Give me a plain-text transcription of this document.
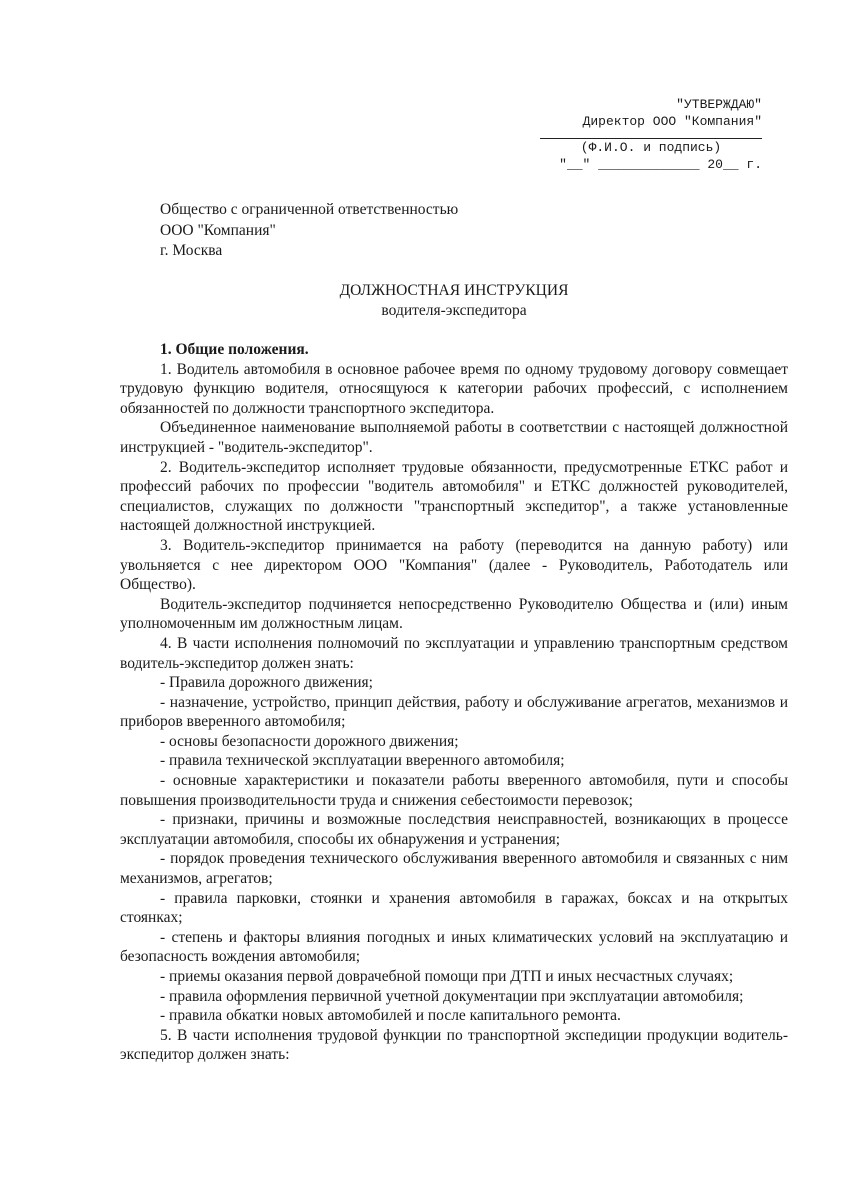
"УТВЕРЖДАЮ"
Директор ООО "Компания"
(Ф.И.О. и подпись)
"__" _____________ 20__ г.
Общество с ограниченной ответственностью
ООО "Компания"
г. Москва
ДОЛЖНОСТНАЯ ИНСТРУКЦИЯ
водителя-экспедитора

1. Общие положения.

1. Водитель автомобиля в основное рабочее время по одному трудовому договору совмещает трудовую функцию водителя, относящуюся к категории рабочих профессий, с исполнением обязанностей по должности транспортного экспедитора.

Объединенное наименование выполняемой работы в соответствии с настоящей должностной инструкцией - "водитель-экспедитор".

2. Водитель-экспедитор исполняет трудовые обязанности, предусмотренные ЕТКС работ и профессий рабочих по профессии "водитель автомобиля" и ЕТКС должностей руководителей, специалистов, служащих по должности "транспортный экспедитор", а также установленные настоящей должностной инструкцией.

3. Водитель-экспедитор принимается на работу (переводится на данную работу) или увольняется с нее директором ООО "Компания" (далее - Руководитель, Работодатель или Общество).

Водитель-экспедитор подчиняется непосредственно Руководителю Общества и (или) иным уполномоченным им должностным лицам.

4. В части исполнения полномочий по эксплуатации и управлению транспортным средством водитель-экспедитор должен знать:

- Правила дорожного движения;

- назначение, устройство, принцип действия, работу и обслуживание агрегатов, механизмов и приборов вверенного автомобиля;

- основы безопасности дорожного движения;

- правила технической эксплуатации вверенного автомобиля;

- основные характеристики и показатели работы вверенного автомобиля, пути и способы повышения производительности труда и снижения себестоимости перевозок;

- признаки, причины и возможные последствия неисправностей, возникающих в процессе эксплуатации автомобиля, способы их обнаружения и устранения;

- порядок проведения технического обслуживания вверенного автомобиля и связанных с ним механизмов, агрегатов;

- правила парковки, стоянки и хранения автомобиля в гаражах, боксах и на открытых стоянках;

- степень и факторы влияния погодных и иных климатических условий на эксплуатацию и безопасность вождения автомобиля;

- приемы оказания первой доврачебной помощи при ДТП и иных несчастных случаях;

- правила оформления первичной учетной документации при эксплуатации автомобиля;

- правила обкатки новых автомобилей и после капитального ремонта.

5. В части исполнения трудовой функции по транспортной экспедиции продукции водитель-экспедитор должен знать:
